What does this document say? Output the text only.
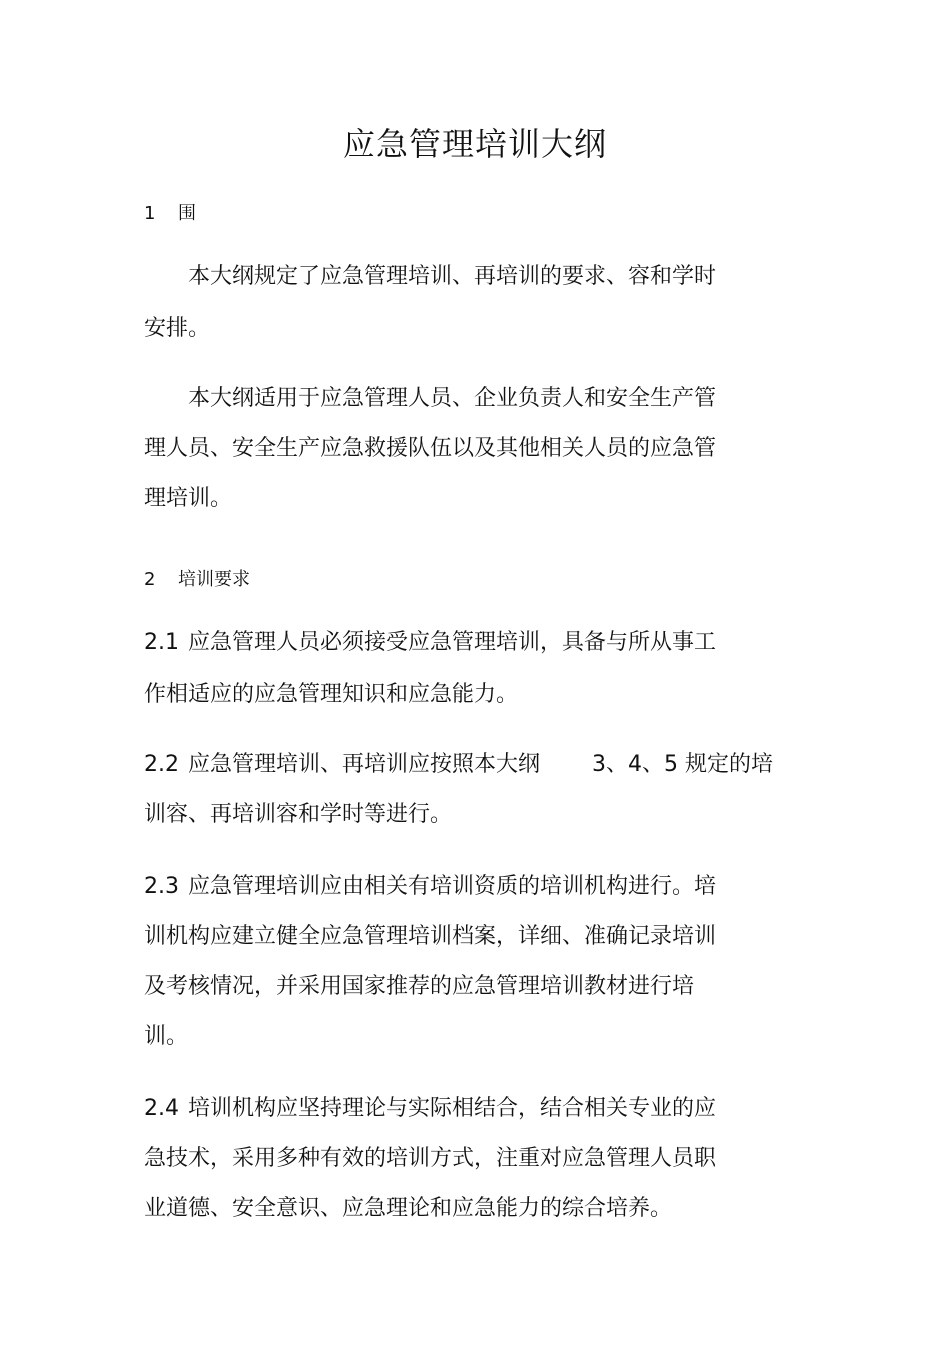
应急管理培训大纲
1 围
本大纲规定了应急管理培训、再培训的要求、容和学时
安排。
本大纲适用于应急管理人员、企业负责人和安全生产管
理人员、安全生产应急救援队伍以及其他相关人员的应急管
理培训。
2 培训要求
2.1 应急管理人员必须接受应急管理培训，具备与所从事工
作相适应的应急管理知识和应急能力。
2.2 应急管理培训、再培训应按照本大纲 3、4、5 规定的培
训容、再培训容和学时等进行。
2.3 应急管理培训应由相关有培训资质的培训机构进行。培
训机构应建立健全应急管理培训档案，详细、准确记录培训
及考核情况，并采用国家推荐的应急管理培训教材进行培
训。
2.4 培训机构应坚持理论与实际相结合，结合相关专业的应
急技术，采用多种有效的培训方式，注重对应急管理人员职
业道德、安全意识、应急理论和应急能力的综合培养。
